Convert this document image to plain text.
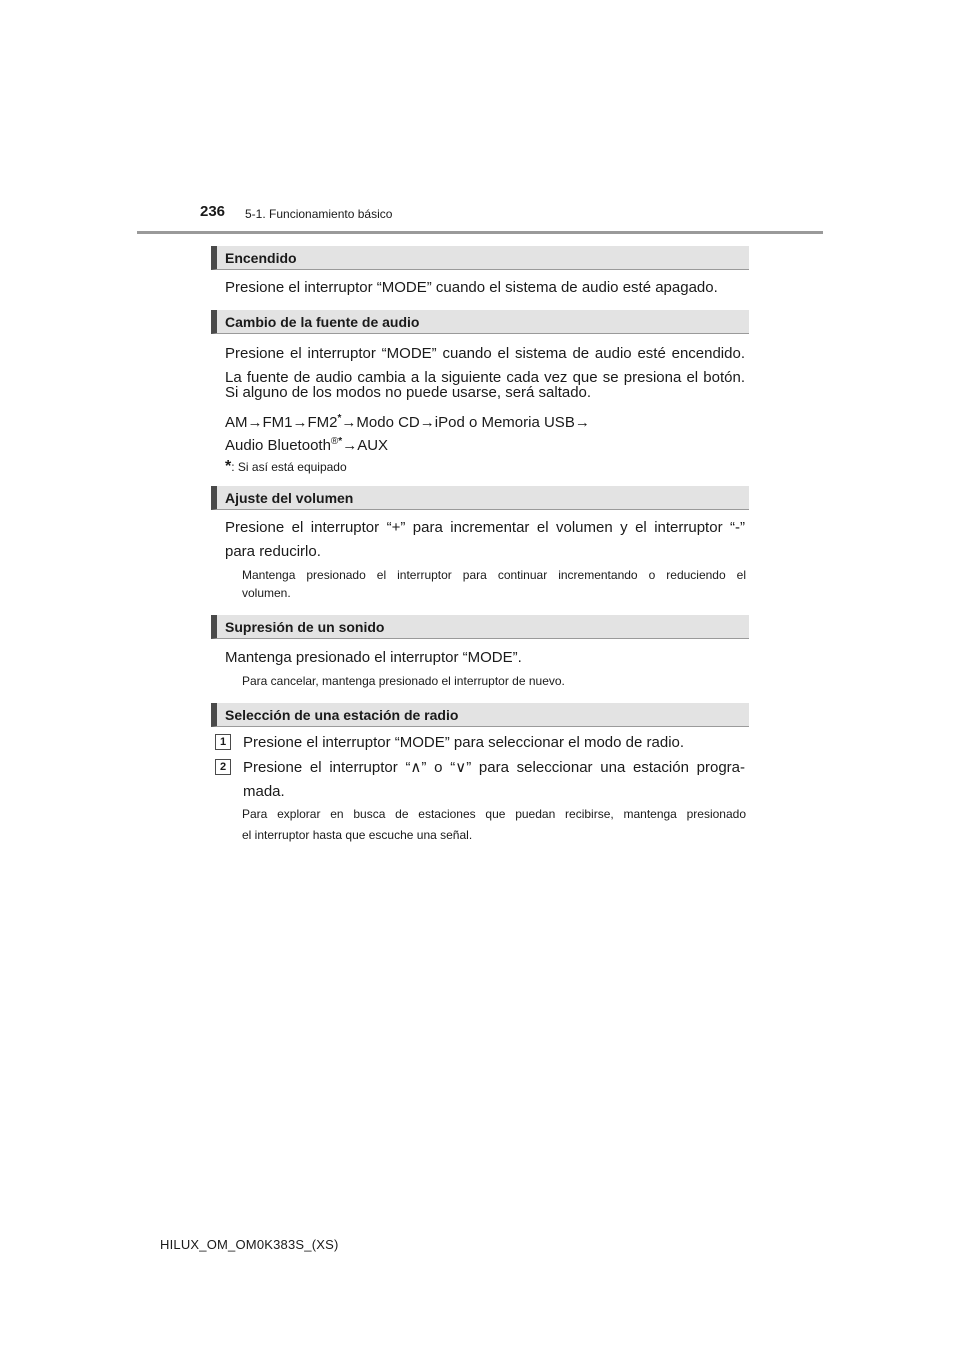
236 5-1. Funcionamiento básico
Encendido

Presione el interruptor “MODE” cuando el sistema de audio esté apagado.

Cambio de la fuente de audio

Presione el interruptor “MODE” cuando el sistema de audio esté encendido.

La fuente de audio cambia a la siguiente cada vez que se presiona el botón.

Si alguno de los modos no puede usarse, será saltado.

AM→FM1→FM2*→Modo CD→iPod o Memoria USB→

Audio Bluetooth®*→AUX

*: Si así está equipado

Ajuste del volumen

Presione el interruptor “+” para incrementar el volumen y el interruptor “-”

para reducirlo.

Mantenga presionado el interruptor para continuar incrementando o reduciendo el

volumen.

Supresión de un sonido

Mantenga presionado el interruptor “MODE”.

Para cancelar, mantenga presionado el interruptor de nuevo.

Selección de una estación de radio
1	Presione el interruptor “MODE” para seleccionar el modo de radio.

2	Presione el interruptor “∧” o “∨” para seleccionar una estación progra-

mada.

Para explorar en busca de estaciones que puedan recibirse, mantenga presionado

el interruptor hasta que escuche una señal.

HILUX_OM_OM0K383S_(XS)
